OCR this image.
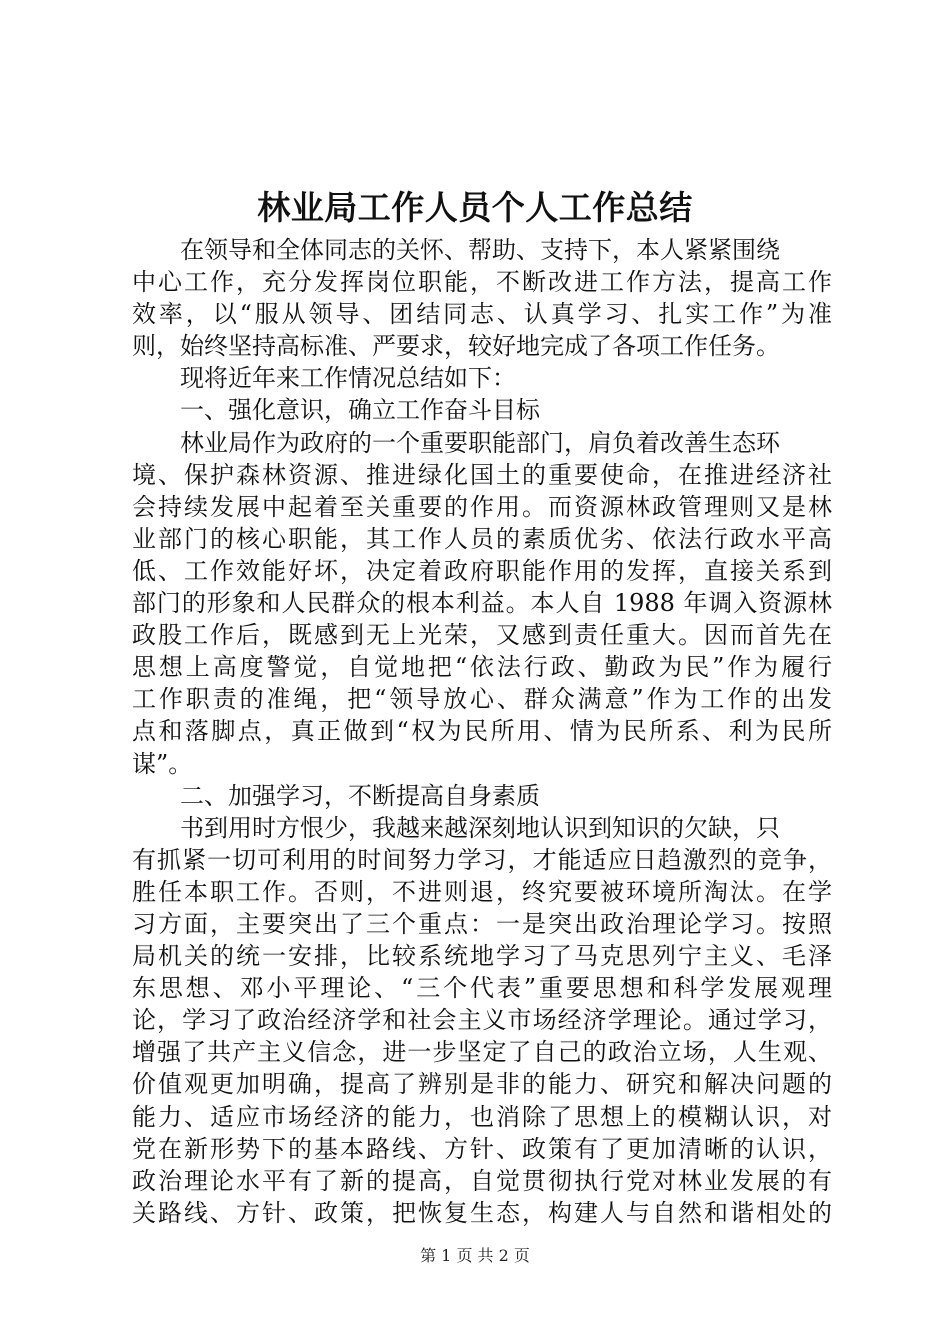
林业局工作人员个人工作总结
在领导和全体同志的关怀、帮助、支持下，本人紧紧围绕
中心工作，充分发挥岗位职能，不断改进工作方法，提高工作
效率，以“服从领导、团结同志、认真学习、扎实工作”为准
则，始终坚持高标准、严要求，较好地完成了各项工作任务。
现将近年来工作情况总结如下：
一、强化意识，确立工作奋斗目标
林业局作为政府的一个重要职能部门，肩负着改善生态环
境、保护森林资源、推进绿化国土的重要使命，在推进经济社
会持续发展中起着至关重要的作用。而资源林政管理则又是林
业部门的核心职能，其工作人员的素质优劣、依法行政水平高
低、工作效能好坏，决定着政府职能作用的发挥，直接关系到
部门的形象和人民群众的根本利益。本人自 1988 年调入资源林
政股工作后，既感到无上光荣，又感到责任重大。因而首先在
思想上高度警觉，自觉地把“依法行政、勤政为民”作为履行
工作职责的准绳，把“领导放心、群众满意”作为工作的出发
点和落脚点，真正做到“权为民所用、情为民所系、利为民所
谋”。
二、加强学习，不断提高自身素质
书到用时方恨少，我越来越深刻地认识到知识的欠缺，只
有抓紧一切可利用的时间努力学习，才能适应日趋激烈的竞争，
胜任本职工作。否则，不进则退，终究要被环境所淘汰。在学
习方面，主要突出了三个重点：一是突出政治理论学习。按照
局机关的统一安排，比较系统地学习了马克思列宁主义、毛泽
东思想、邓小平理论、“三个代表”重要思想和科学发展观理
论，学习了政治经济学和社会主义市场经济学理论。通过学习，
增强了共产主义信念，进一步坚定了自己的政治立场，人生观、
价值观更加明确，提高了辨别是非的能力、研究和解决问题的
能力、适应市场经济的能力，也消除了思想上的模糊认识，对
党在新形势下的基本路线、方针、政策有了更加清晰的认识，
政治理论水平有了新的提高，自觉贯彻执行党对林业发展的有
关路线、方针、政策，把恢复生态，构建人与自然和谐相处的
第 1 页 共 2 页
